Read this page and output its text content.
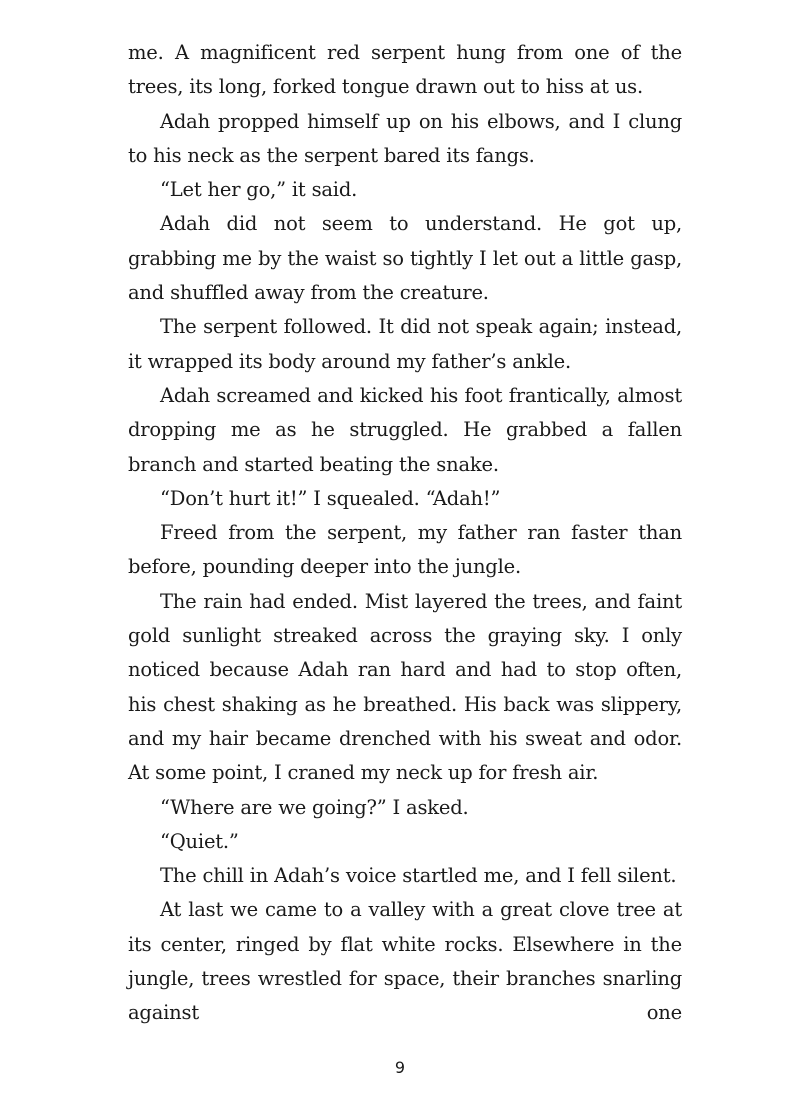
me. A magnificent red serpent hung from one of the trees, its long, forked tongue drawn out to hiss at us.

Adah propped himself up on his elbows, and I clung to his neck as the serpent bared its fangs.

“Let her go,” it said.

Adah did not seem to understand. He got up, grabbing me by the waist so tightly I let out a little gasp, and shuffled away from the creature.

The serpent followed. It did not speak again; instead, it wrapped its body around my father’s ankle.

Adah screamed and kicked his foot frantically, almost dropping me as he struggled. He grabbed a fallen branch and started beating the snake.

“Don’t hurt it!” I squealed. “Adah!”

Freed from the serpent, my father ran faster than before, pounding deeper into the jungle.

The rain had ended. Mist layered the trees, and faint gold sunlight streaked across the graying sky. I only noticed because Adah ran hard and had to stop often, his chest shaking as he breathed. His back was slippery, and my hair became drenched with his sweat and odor. At some point, I craned my neck up for fresh air.

“Where are we going?” I asked.

“Quiet.”

The chill in Adah’s voice startled me, and I fell silent.

At last we came to a valley with a great clove tree at its center, ringed by flat white rocks. Elsewhere in the jungle, trees wrestled for space, their branches snarling against one

9
